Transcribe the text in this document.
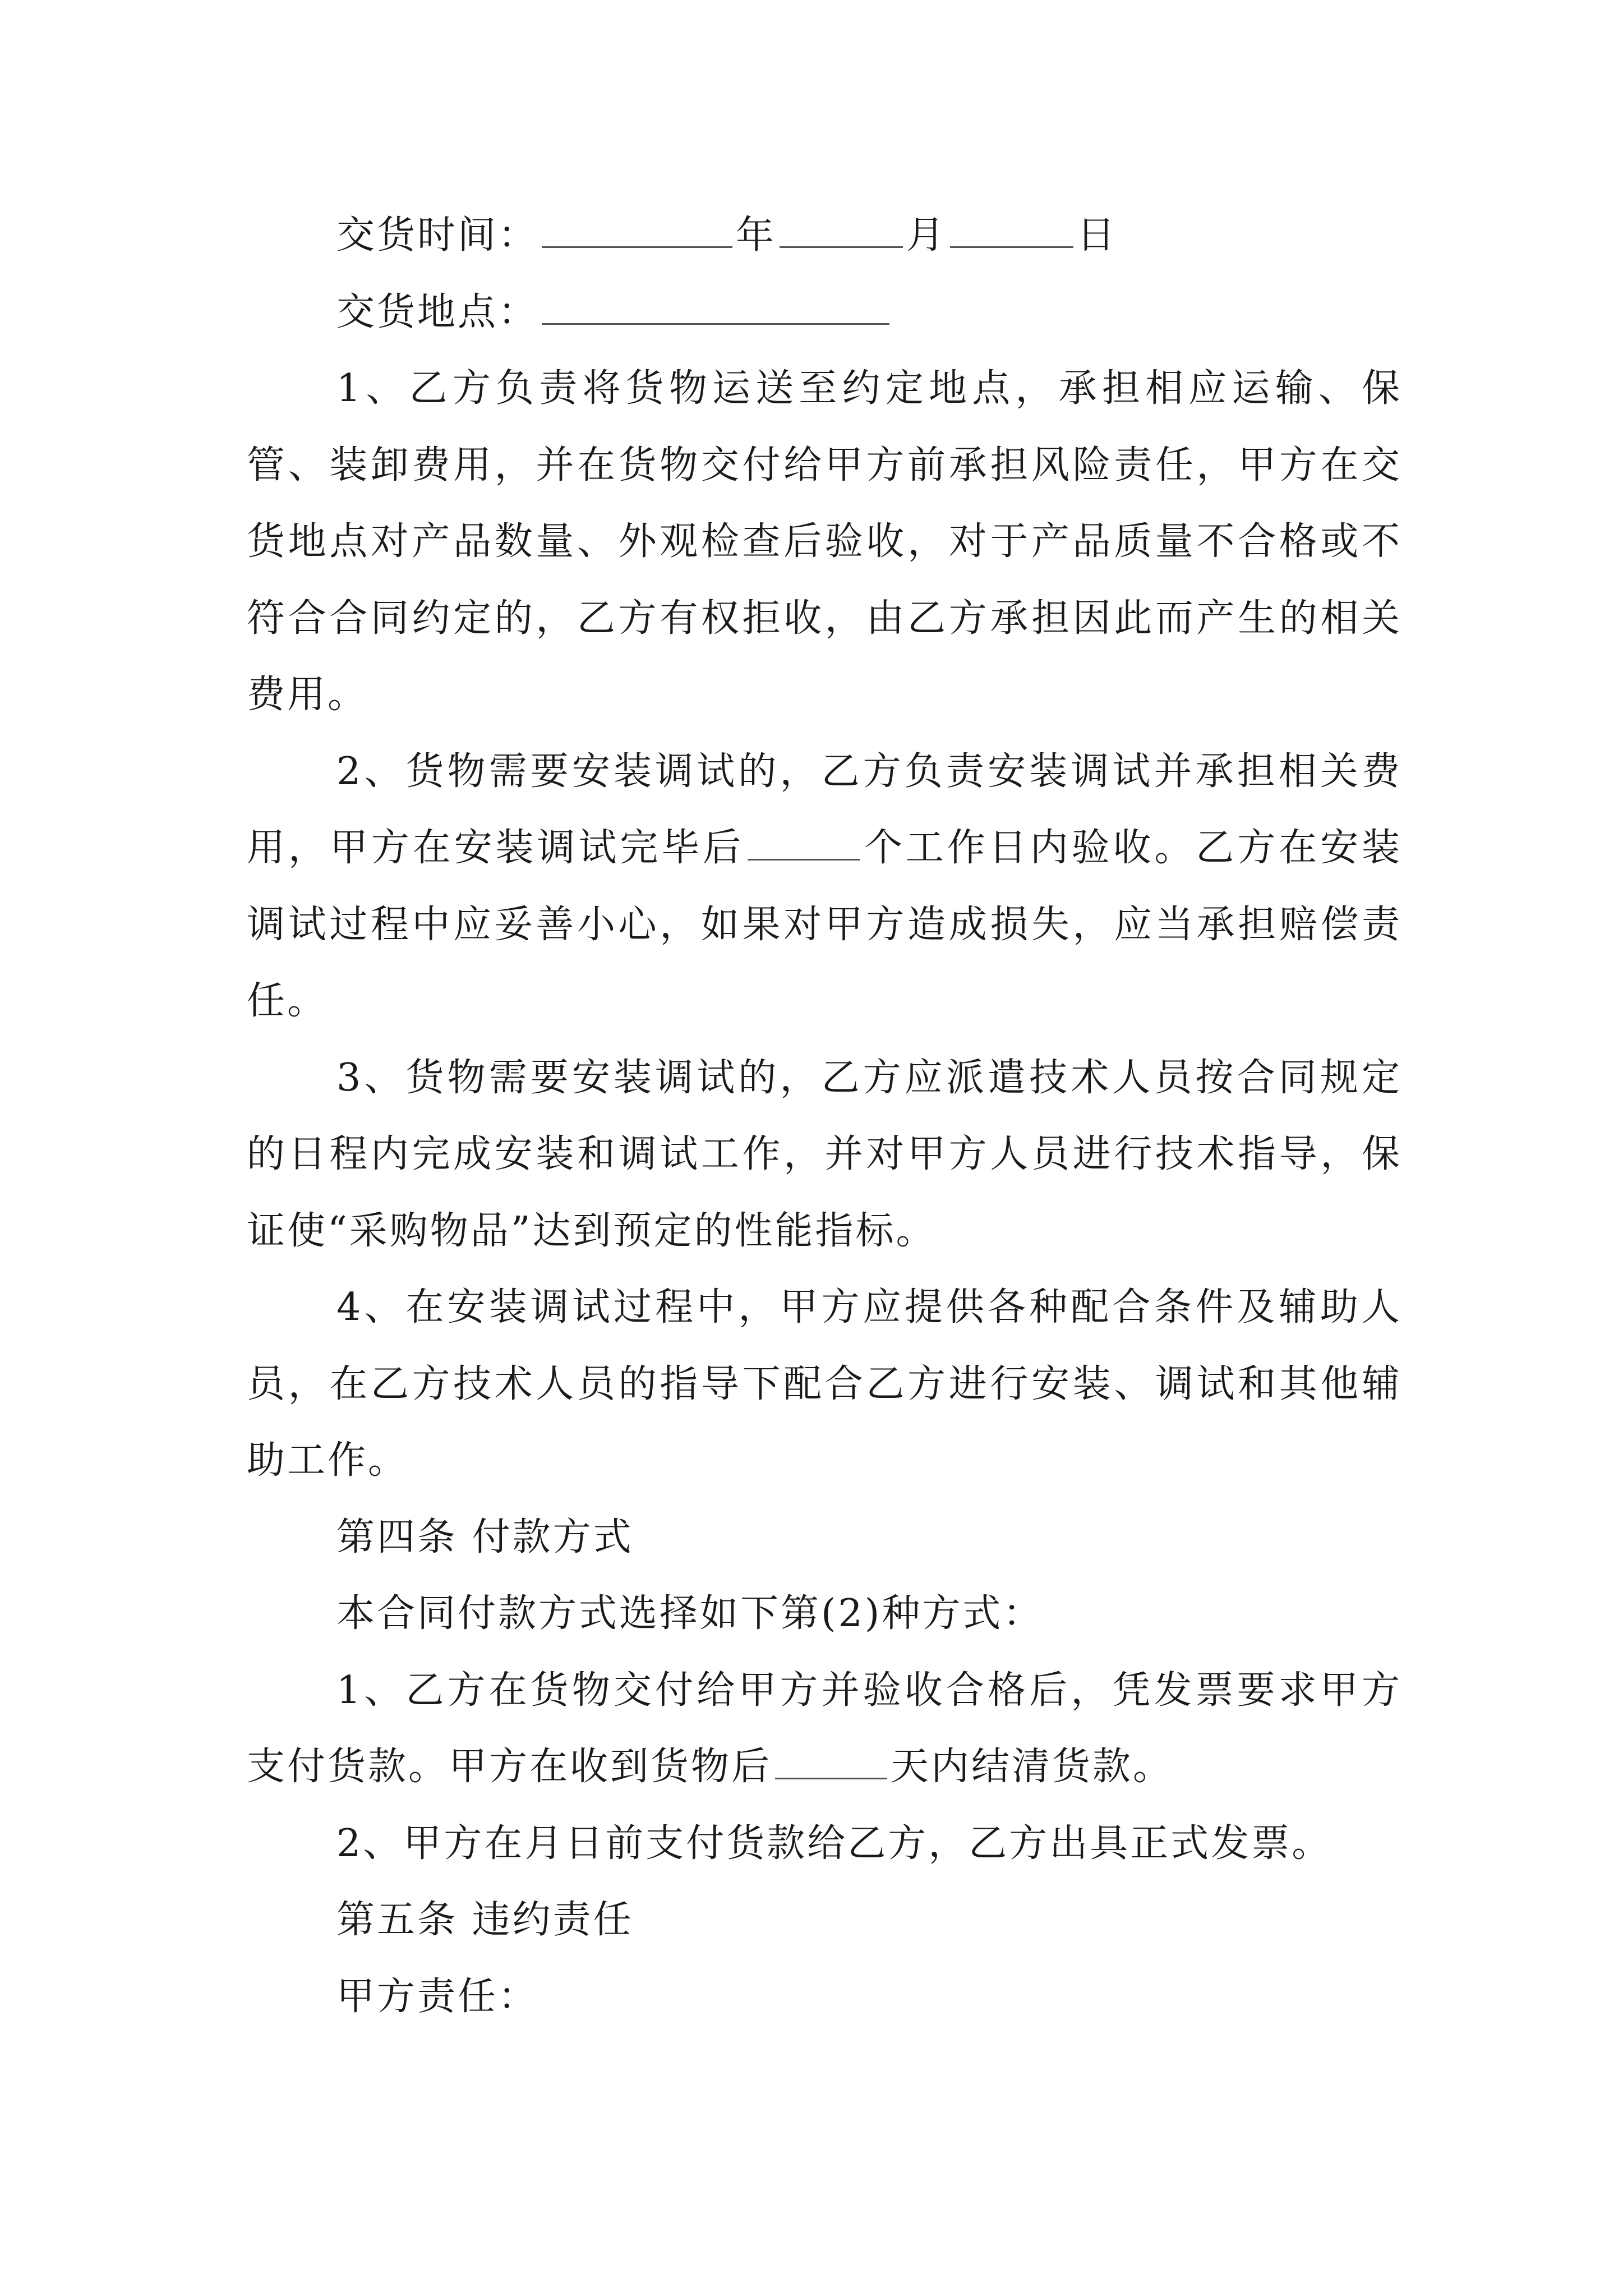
交货时间：	年	月	日

交货地点：

1、乙方负责将货物运送至约定地点，承担相应运输、保管、装卸费用，并在货物交付给甲方前承担风险责任，甲方在交货地点对产品数量、外观检查后验收，对于产品质量不合格或不符合合同约定的，乙方有权拒收，由乙方承担因此而产生的相关费用。

2、货物需要安装调试的，乙方负责安装调试并承担相关费用，甲方在安装调试完毕后	个工作日内验收。乙方在安装调试过程中应妥善小心，如果对甲方造成损失，应当承担赔偿责任。

3、货物需要安装调试的，乙方应派遣技术人员按合同规定的日程内完成安装和调试工作，并对甲方人员进行技术指导，保证使“采购物品”达到预定的性能指标。

4、在安装调试过程中，甲方应提供各种配合条件及辅助人员，在乙方技术人员的指导下配合乙方进行安装、调试和其他辅助工作。

第四条 付款方式

本合同付款方式选择如下第(2)种方式：

1、乙方在货物交付给甲方并验收合格后，凭发票要求甲方支付货款。甲方在收到货物后	天内结清货款。

2、甲方在月日前支付货款给乙方，乙方出具正式发票。

第五条 违约责任

甲方责任：
